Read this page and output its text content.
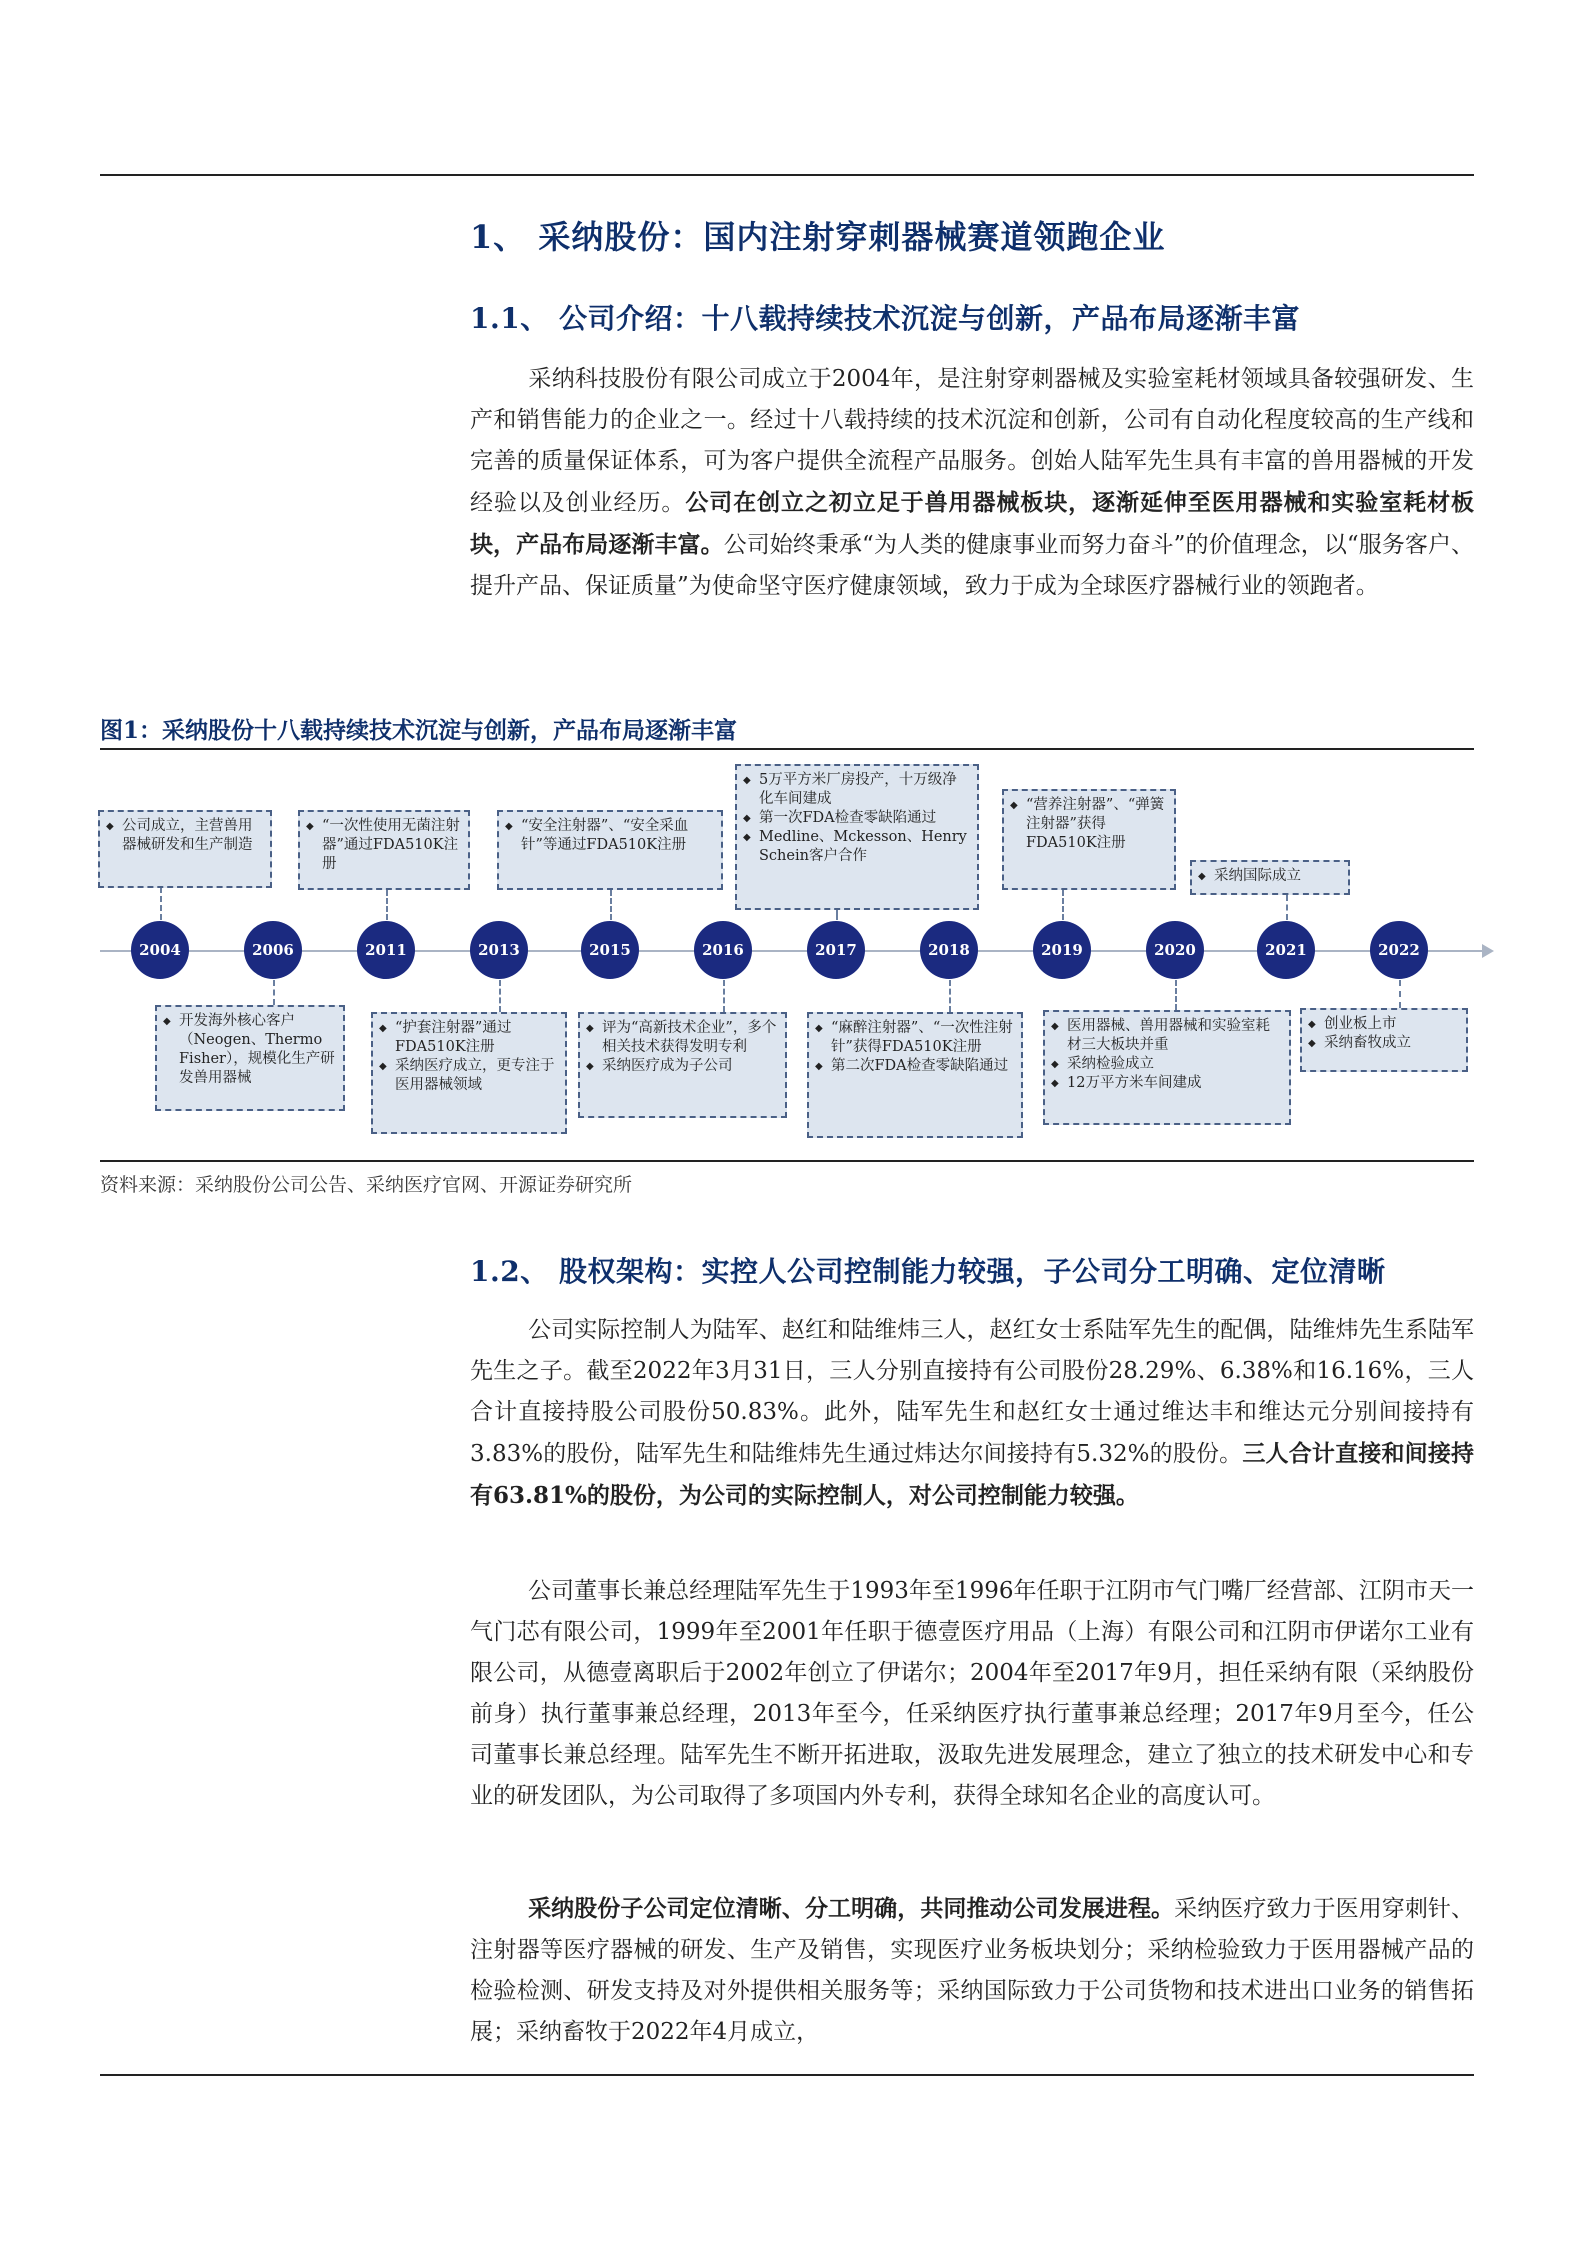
1、 采纳股份：国内注射穿刺器械赛道领跑企业
1.1、 公司介绍：十八载持续技术沉淀与创新，产品布局逐渐丰富

采纳科技股份有限公司成立于2004年，是注射穿刺器械及实验室耗材领域具备较强研发、生产和销售能力的企业之一。经过十八载持续的技术沉淀和创新，公司有自动化程度较高的生产线和完善的质量保证体系，可为客户提供全流程产品服务。创始人陆军先生具有丰富的兽用器械的开发经验以及创业经历。公司在创立之初立足于兽用器械板块，逐渐延伸至医用器械和实验室耗材板块，产品布局逐渐丰富。公司始终秉承“为人类的健康事业而努力奋斗”的价值理念，以“服务客户、提升产品、保证质量”为使命坚守医疗健康领域，致力于成为全球医疗器械行业的领跑者。

图1：采纳股份十八载持续技术沉淀与创新，产品布局逐渐丰富
2004	2006	2011	2013	2015	2016	2017	2018	2019	2020	2021	2022
◆ 公司成立，主营兽用器械研发和生产制造
◆ “一次性使用无菌注射器”通过FDA510K注册
◆ “安全注射器”、“安全采血针”等通过FDA510K注册
◆ 5万平方米厂房投产，十万级净化车间建成
◆ 第一次FDA检查零缺陷通过
◆ Medline、Mckesson、Henry Schein客户合作
◆ “营养注射器”、“弹簧注射器”获得FDA510K注册
◆ 采纳国际成立
◆ 开发海外核心客户（Neogen、Thermo Fisher），规模化生产研发兽用器械
◆ “护套注射器”通过FDA510K注册
◆ 采纳医疗成立，更专注于医用器械领域
◆ 评为“高新技术企业”，多个相关技术获得发明专利
◆ 采纳医疗成为子公司
◆ “麻醉注射器”、“一次性注射针”获得FDA510K注册
◆ 第二次FDA检查零缺陷通过
◆ 医用器械、兽用器械和实验室耗材三大板块并重
◆ 采纳检验成立
◆ 12万平方米车间建成
◆ 创业板上市
◆ 采纳畜牧成立
资料来源：采纳股份公司公告、采纳医疗官网、开源证券研究所
1.2、 股权架构：实控人公司控制能力较强，子公司分工明确、定位清晰

公司实际控制人为陆军、赵红和陆维炜三人，赵红女士系陆军先生的配偶，陆维炜先生系陆军先生之子。截至2022年3月31日，三人分别直接持有公司股份28.29%、6.38%和16.16%，三人合计直接持股公司股份50.83%。此外，陆军先生和赵红女士通过维达丰和维达元分别间接持有3.83%的股份，陆军先生和陆维炜先生通过炜达尔间接持有5.32%的股份。三人合计直接和间接持有63.81%的股份，为公司的实际控制人，对公司控制能力较强。

公司董事长兼总经理陆军先生于1993年至1996年任职于江阴市气门嘴厂经营部、江阴市天一气门芯有限公司，1999年至2001年任职于德壹医疗用品（上海）有限公司和江阴市伊诺尔工业有限公司，从德壹离职后于2002年创立了伊诺尔；2004年至2017年9月，担任采纳有限（采纳股份前身）执行董事兼总经理，2013年至今，任采纳医疗执行董事兼总经理；2017年9月至今，任公司董事长兼总经理。陆军先生不断开拓进取，汲取先进发展理念，建立了独立的技术研发中心和专业的研发团队，为公司取得了多项国内外专利，获得全球知名企业的高度认可。

采纳股份子公司定位清晰、分工明确，共同推动公司发展进程。采纳医疗致力于医用穿刺针、注射器等医疗器械的研发、生产及销售，实现医疗业务板块划分；采纳检验致力于医用器械产品的检验检测、研发支持及对外提供相关服务等；采纳国际致力于公司货物和技术进出口业务的销售拓展；采纳畜牧于2022年4月成立，
